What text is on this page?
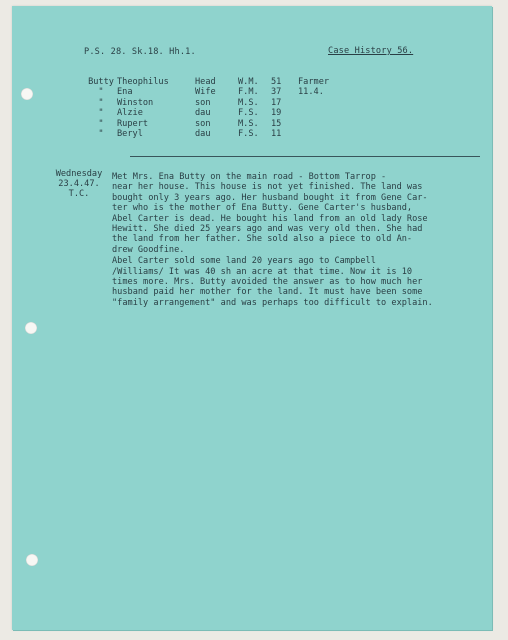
P.S. 28. Sk.18. Hh.1.	Case History 56.
Butty	Theophilus	Head	W.M.	51	Farmer
"	Ena	Wife	F.M.	37	11.4.
"	Winston	son	M.S.	17	
"	Alzie	dau	F.S.	19	
"	Rupert	son	M.S.	15	
"	Beryl	dau	F.S.	11	
Wednesday
23.4.47.
T.C.
Met Mrs. Ena Butty on the main road - Bottom Tarrop -
near her house. This house is not yet finished. The land was
bought only 3 years ago. Her husband bought it from Gene Car-
ter who is the mother of Ena Butty. Gene Carter's husband,
Abel Carter is dead. He bought his land from an old lady Rose
Hewitt. She died 25 years ago and was very old then. She had
the land from her father. She sold also a piece to old An-
drew Goodfine.
Abel Carter sold some land 20 years ago to Campbell
/Williams/ It was 40 sh an acre at that time. Now it is 10
times more. Mrs. Butty avoided the answer as to how much her
husband paid her mother for the land. It must have been some
"family arrangement" and was perhaps too difficult to explain.
